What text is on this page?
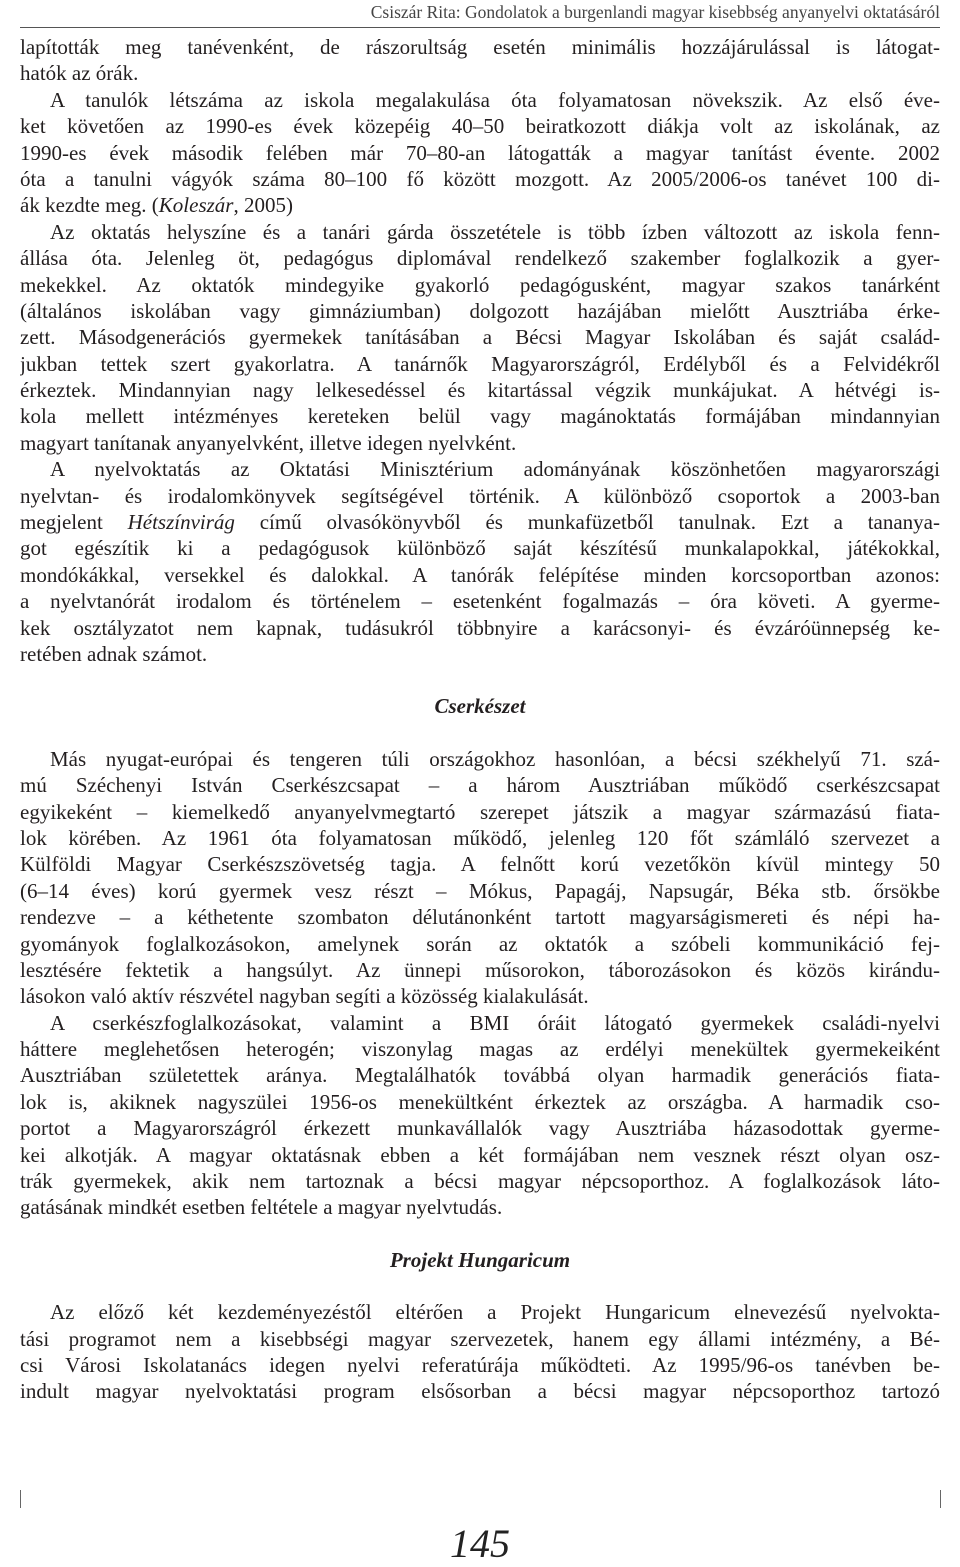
Csiszár Rita: Gondolatok a burgenlandi magyar kisebbség anyanyelvi oktatásáról
lapították meg tanévenként, de rászorultság esetén minimális hozzájárulással is látogat-
hatók az órák.
A tanulók létszáma az iskola megalakulása óta folyamatosan növekszik. Az első éve-
ket követően az 1990-es évek közepéig 40–50 beiratkozott diákja volt az iskolának, az
1990-es évek második felében már 70–80-an látogatták a magyar tanítást évente. 2002
óta a tanulni vágyók száma 80–100 fő között mozgott. Az 2005/2006-os tanévet 100 di-
ák kezdte meg. (Koleszár, 2005)
Az oktatás helyszíne és a tanári gárda összetétele is több ízben változott az iskola fenn-
állása óta. Jelenleg öt, pedagógus diplomával rendelkező szakember foglalkozik a gyer-
mekekkel. Az oktatók mindegyike gyakorló pedagógusként, magyar szakos tanárként
(általános iskolában vagy gimnáziumban) dolgozott hazájában mielőtt Ausztriába érke-
zett. Másodgenerációs gyermekek tanításában a Bécsi Magyar Iskolában és saját család-
jukban tettek szert gyakorlatra. A tanárnők Magyarországról, Erdélyből és a Felvidékről
érkeztek. Mindannyian nagy lelkesedéssel és kitartással végzik munkájukat. A hétvégi is-
kola mellett intézményes kereteken belül vagy magánoktatás formájában mindannyian
magyart tanítanak anyanyelvként, illetve idegen nyelvként.
A nyelvoktatás az Oktatási Minisztérium adományának köszönhetően magyarországi
nyelvtan- és irodalomkönyvek segítségével történik. A különböző csoportok a 2003-ban
megjelent Hétszínvirág című olvasókönyvből és munkafüzetből tanulnak. Ezt a tananya-
got egészítik ki a pedagógusok különböző saját készítésű munkalapokkal, játékokkal,
mondókákkal, versekkel és dalokkal. A tanórák felépítése minden korcsoportban azonos:
a nyelvtanórát irodalom és történelem – esetenként fogalmazás – óra követi. A gyerme-
kek osztályzatot nem kapnak, tudásukról többnyire a karácsonyi- és évzáróünnepség ke-
retében adnak számot.
Cserkészet
Más nyugat-európai és tengeren túli országokhoz hasonlóan, a bécsi székhelyű 71. szá-
mú Széchenyi István Cserkészcsapat – a három Ausztriában működő cserkészcsapat
egyikeként – kiemelkedő anyanyelvmegtartó szerepet játszik a magyar származású fiata-
lok körében. Az 1961 óta folyamatosan működő, jelenleg 120 főt számláló szervezet a
Külföldi Magyar Cserkészszövetség tagja. A felnőtt korú vezetőkön kívül mintegy 50
(6–14 éves) korú gyermek vesz részt – Mókus, Papagáj, Napsugár, Béka stb. őrsökbe
rendezve – a kéthetente szombaton délutánonként tartott magyarságismereti és népi ha-
gyományok foglalkozásokon, amelynek során az oktatók a szóbeli kommunikáció fej-
lesztésére fektetik a hangsúlyt. Az ünnepi műsorokon, táborozásokon és közös kirándu-
lásokon való aktív részvétel nagyban segíti a közösség kialakulását.
A cserkészfoglalkozásokat, valamint a BMI óráit látogató gyermekek családi-nyelvi
háttere meglehetősen heterogén; viszonylag magas az erdélyi menekültek gyermekeiként
Ausztriában születettek aránya. Megtalálhatók továbbá olyan harmadik generációs fiata-
lok is, akiknek nagyszülei 1956-os menekültként érkeztek az országba. A harmadik cso-
portot a Magyarországról érkezett munkavállalók vagy Ausztriába házasodottak gyerme-
kei alkotják. A magyar oktatásnak ebben a két formájában nem vesznek részt olyan osz-
trák gyermekek, akik nem tartoznak a bécsi magyar népcsoporthoz. A foglalkozások láto-
gatásának mindkét esetben feltétele a magyar nyelvtudás.
Projekt Hungaricum
Az előző két kezdeményezéstől eltérően a Projekt Hungaricum elnevezésű nyelvokta-
tási programot nem a kisebbségi magyar szervezetek, hanem egy állami intézmény, a Bé-
csi Városi Iskolatanács idegen nyelvi referatúrája működteti. Az 1995/96-os tanévben be-
indult magyar nyelvoktatási program elsősorban a bécsi magyar népcsoporthoz tartozó
145
